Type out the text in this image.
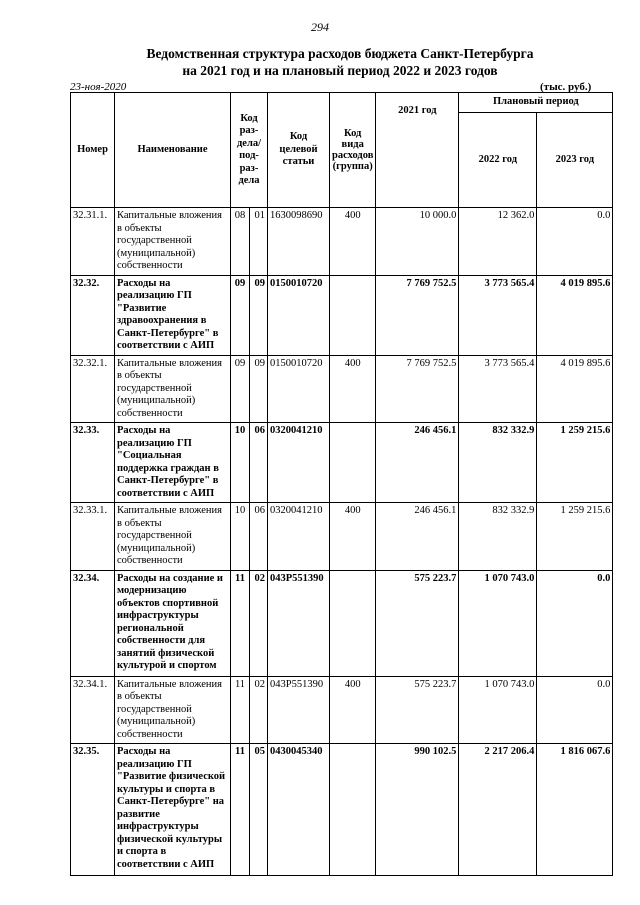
294
Ведомственная структура расходов бюджета Санкт-Петербурга
на 2021 год и на плановый период 2022 и 2023 годов
23-ноя-2020	(тыс. руб.)
Номер	Наименование	Код раз- дела/ под- раз- дела		Код целевой статьи	Код вида расходов (группа)	2021 год	Плановый период	
							2022 год	2023 год
32.31.1.	Капитальные вложения в объекты государственной (муниципальной) собственности	08	01	1630098690	400	10 000.0	12 362.0	0.0
32.32.	Расходы на реализацию ГП "Развитие здравоохранения в Санкт-Петербурге" в соответствии с АИП	09	09	0150010720		7 769 752.5	3 773 565.4	4 019 895.6
32.32.1.	Капитальные вложения в объекты государственной (муниципальной) собственности	09	09	0150010720	400	7 769 752.5	3 773 565.4	4 019 895.6
32.33.	Расходы на реализацию ГП "Социальная поддержка граждан в Санкт-Петербурге" в соответствии с АИП	10	06	0320041210		246 456.1	832 332.9	1 259 215.6
32.33.1.	Капитальные вложения в объекты государственной (муниципальной) собственности	10	06	0320041210	400	246 456.1	832 332.9	1 259 215.6
32.34.	Расходы на создание и модернизацию объектов спортивной инфраструктуры региональной собственности для занятий физической культурой и спортом	11	02	043P551390		575 223.7	1 070 743.0	0.0
32.34.1.	Капитальные вложения в объекты государственной (муниципальной) собственности	11	02	043P551390	400	575 223.7	1 070 743.0	0.0
32.35.	Расходы на реализацию ГП "Развитие физической культуры и спорта в Санкт-Петербурге" на развитие инфраструктуры физической культуры и спорта в соответствии с АИП	11	05	0430045340		990 102.5	2 217 206.4	1 816 067.6
